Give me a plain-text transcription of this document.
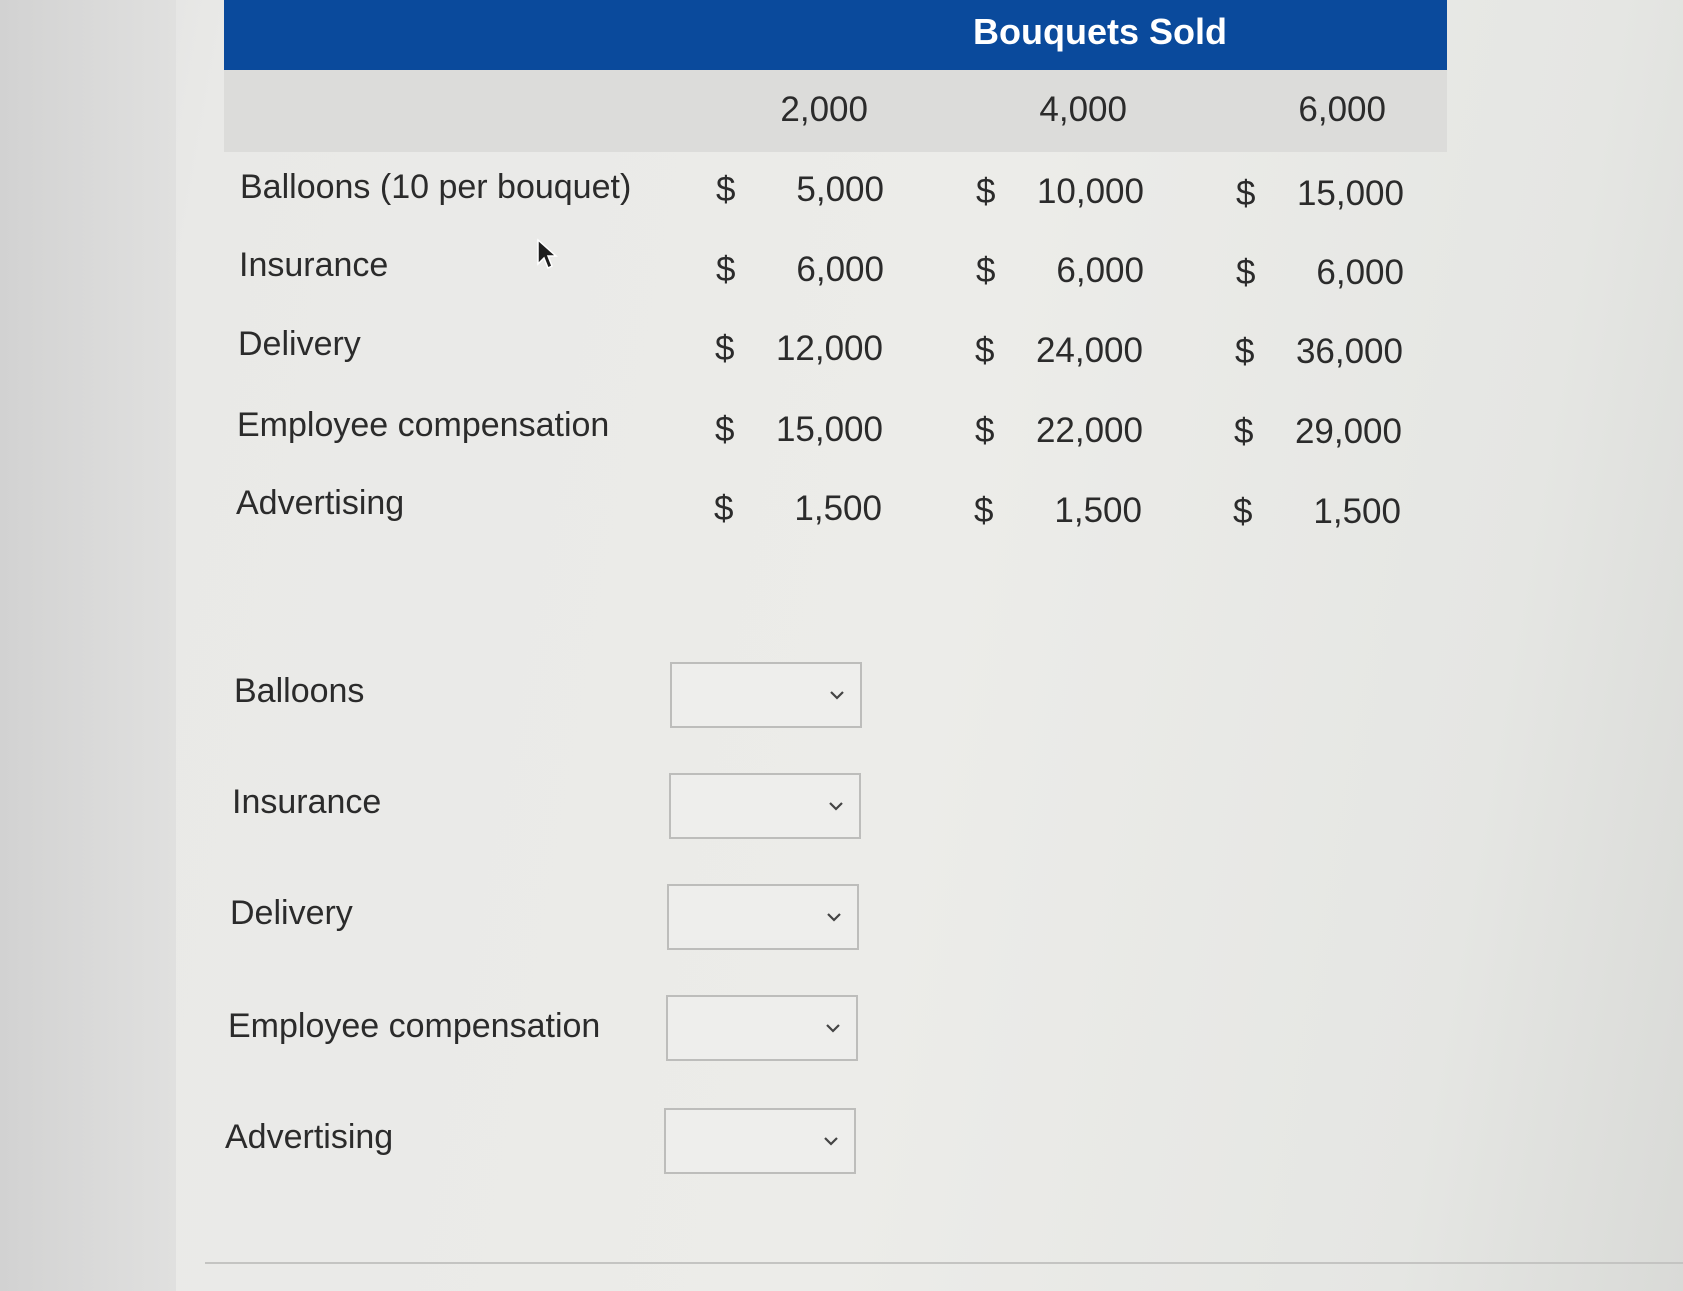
Bouquets Sold
2,000	4,000	6,000
Balloons (10 per bouquet) $ 5,000	$ 10,000	$ 15,000
Insurance	$ 6,000	$ 6,000	$ 6,000
Delivery	$ 12,000	$ 24,000	$ 36,000
Employee compensation	$ 15,000	$ 22,000	$ 29,000
Advertising	$ 1,500	$ 1,500	$ 1,500
Balloons
Insurance
Delivery
Employee compensation
Advertising
